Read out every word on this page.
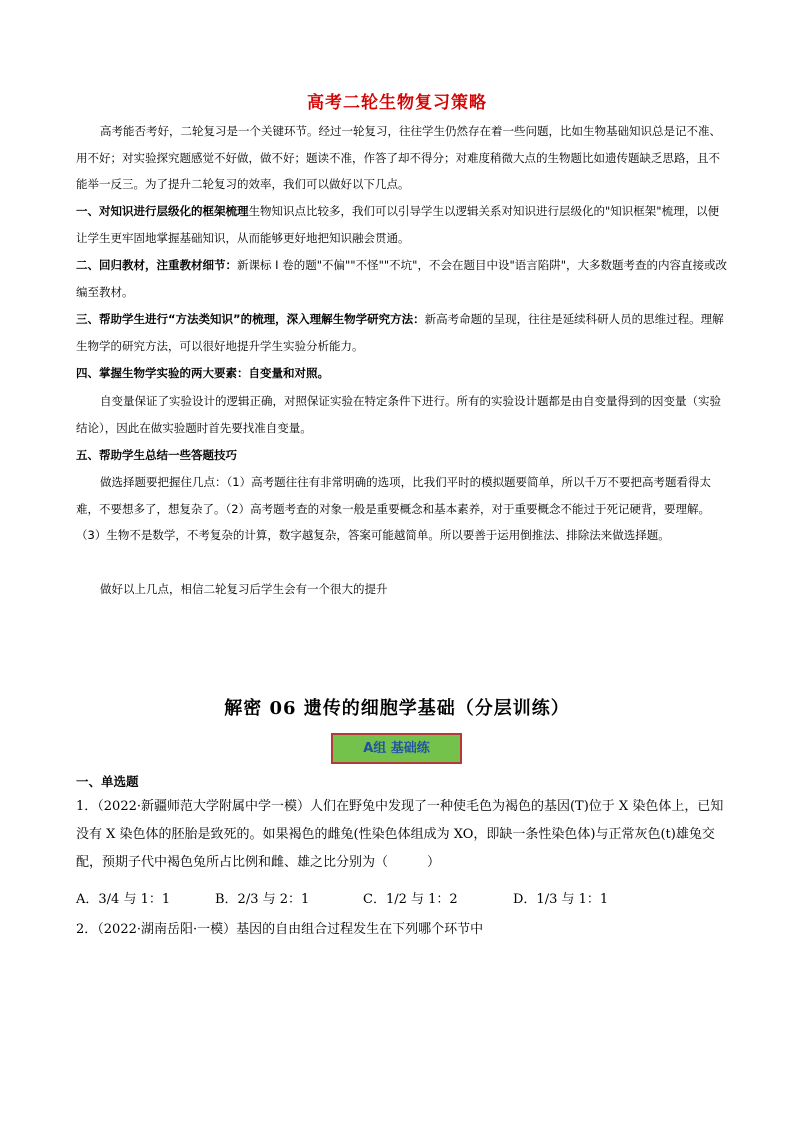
高考二轮生物复习策略
高考能否考好，二轮复习是一个关键环节。经过一轮复习，往往学生仍然存在着一些问题，比如生物基础知识总是记不准、用不好；对实验探究题感觉不好做，做不好；题读不准，作答了却不得分；对难度稍微大点的生物题比如遗传题缺乏思路，且不能举一反三。为了提升二轮复习的效率，我们可以做好以下几点。
一、对知识进行层级化的框架梳理生物知识点比较多，我们可以引导学生以逻辑关系对知识进行层级化的"知识框架"梳理，以便让学生更牢固地掌握基础知识，从而能够更好地把知识融会贯通。
二、回归教材，注重教材细节：新课标 I 卷的题"不偏""不怪""不坑"，不会在题目中设"语言陷阱"，大多数题考查的内容直接或改编至教材。
三、帮助学生进行“方法类知识”的梳理，深入理解生物学研究方法：新高考命题的呈现，往往是延续科研人员的思维过程。理解生物学的研究方法，可以很好地提升学生实验分析能力。
四、掌握生物学实验的两大要素：自变量和对照。
自变量保证了实验设计的逻辑正确，对照保证实验在特定条件下进行。所有的实验设计题都是由自变量得到的因变量（实验结论），因此在做实验题时首先要找准自变量。
五、帮助学生总结一些答题技巧
做选择题要把握住几点：（1）高考题往往有非常明确的选项，比我们平时的模拟题要简单，所以千万不要把高考题看得太难，不要想多了，想复杂了。（2）高考题考查的对象一般是重要概念和基本素养，对于重要概念不能过于死记硬背，要理解。（3）生物不是数学，不考复杂的计算，数字越复杂，答案可能越简单。所以要善于运用倒推法、排除法来做选择题。
做好以上几点，相信二轮复习后学生会有一个很大的提升
解密 06 遗传的细胞学基础（分层训练）
A组 基础练
一、单选题
1．（2022·新疆师范大学附属中学一模）人们在野兔中发现了一种使毛色为褐色的基因(T)位于 X 染色体上，已知没有 X 染色体的胚胎是致死的。如果褐色的雌兔(性染色体组成为 XO，即缺一条性染色体)与正常灰色(t)雄兔交配，预期子代中褐色兔所占比例和雌、雄之比分别为（　　　）
A．3/4 与 1：1	B．2/3 与 2：1	C．1/2 与 1：2	D．1/3 与 1：1
2．（2022·湖南岳阳·一模）基因的自由组合过程发生在下列哪个环节中
